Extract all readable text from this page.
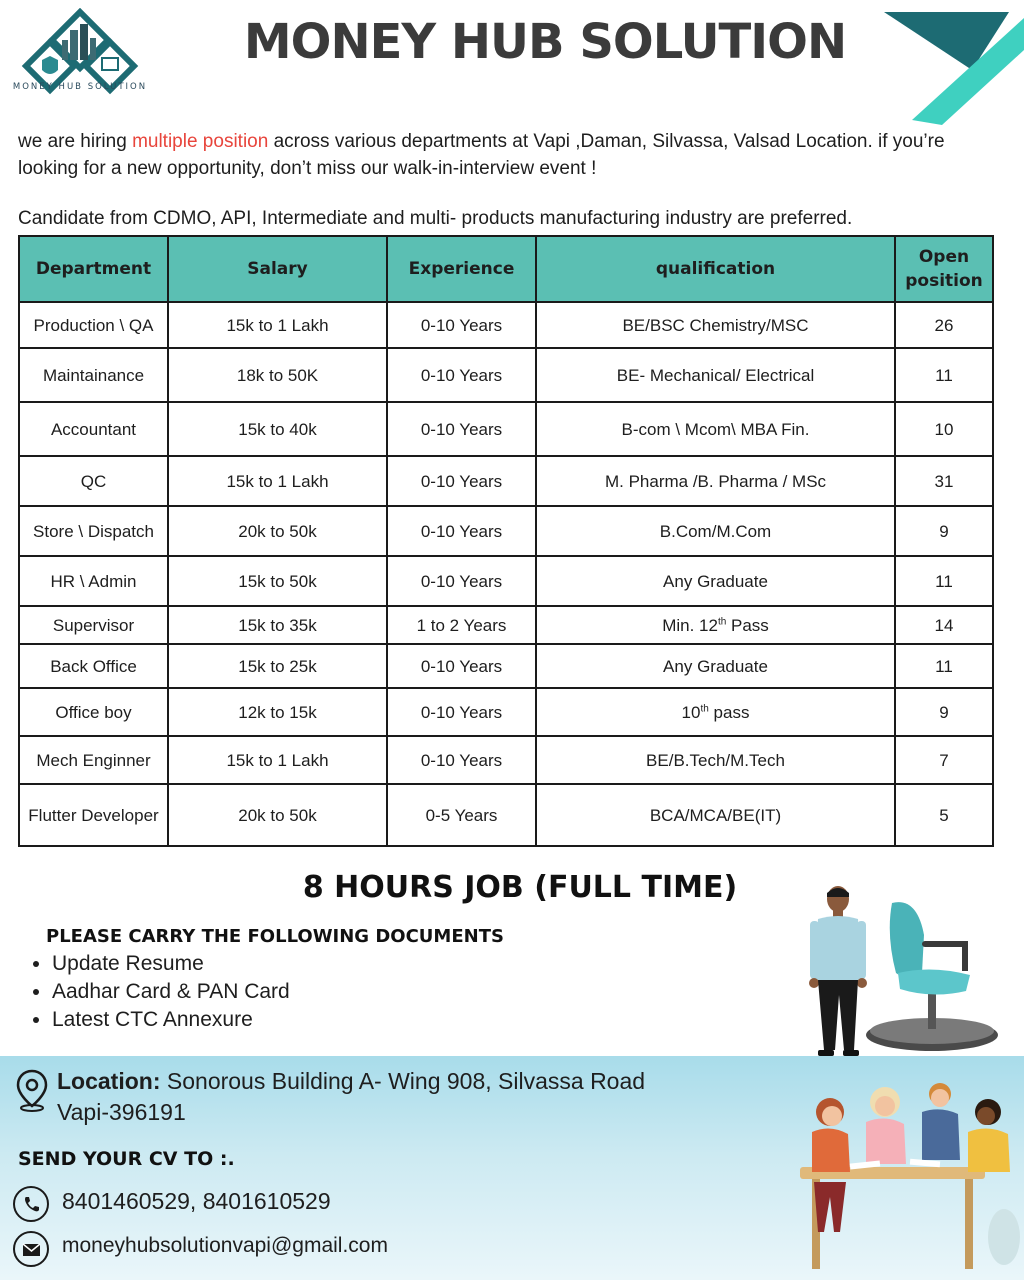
MONEY HUB SOLUTION
MONEY HUB SOLUTION
we are hiring multiple position across various departments at Vapi ,Daman, Silvassa, Valsad Location. if you’re looking for a new opportunity, don’t miss our walk-in-interview event !
Candidate from CDMO, API, Intermediate and multi- products manufacturing industry are preferred.
Department	Salary	Experience	qualification	Open position
Production \ QA	15k to 1 Lakh	0-10 Years	BE/BSC Chemistry/MSC	26
Maintainance	18k to 50K	0-10 Years	BE- Mechanical/ Electrical	11
Accountant	15k to 40k	0-10 Years	B-com \ Mcom\ MBA Fin.	10
QC	15k to 1 Lakh	0-10 Years	M. Pharma /B. Pharma / MSc	31
Store \ Dispatch	20k to 50k	0-10 Years	B.Com/M.Com	9
HR \ Admin	15k to 50k	0-10 Years	Any Graduate	11
Supervisor	15k to 35k	1 to 2 Years	Min. 12th Pass	14
Back Office	15k to 25k	0-10 Years	Any Graduate	11
Office boy	12k to 15k	0-10 Years	10th pass	9
Mech Enginner	15k to 1 Lakh	0-10 Years	BE/B.Tech/M.Tech	7
Flutter Developer	20k to 50k	0-5 Years	BCA/MCA/BE(IT)	5
8 HOURS JOB (FULL TIME)
PLEASE CARRY THE FOLLOWING DOCUMENTS
• Update Resume
• Aadhar Card & PAN Card
• Latest CTC Annexure
Location: Sonorous Building A- Wing 908, Silvassa Road Vapi-396191
SEND YOUR CV TO :.
8401460529, 8401610529
moneyhubsolutionvapi@gmail.com
